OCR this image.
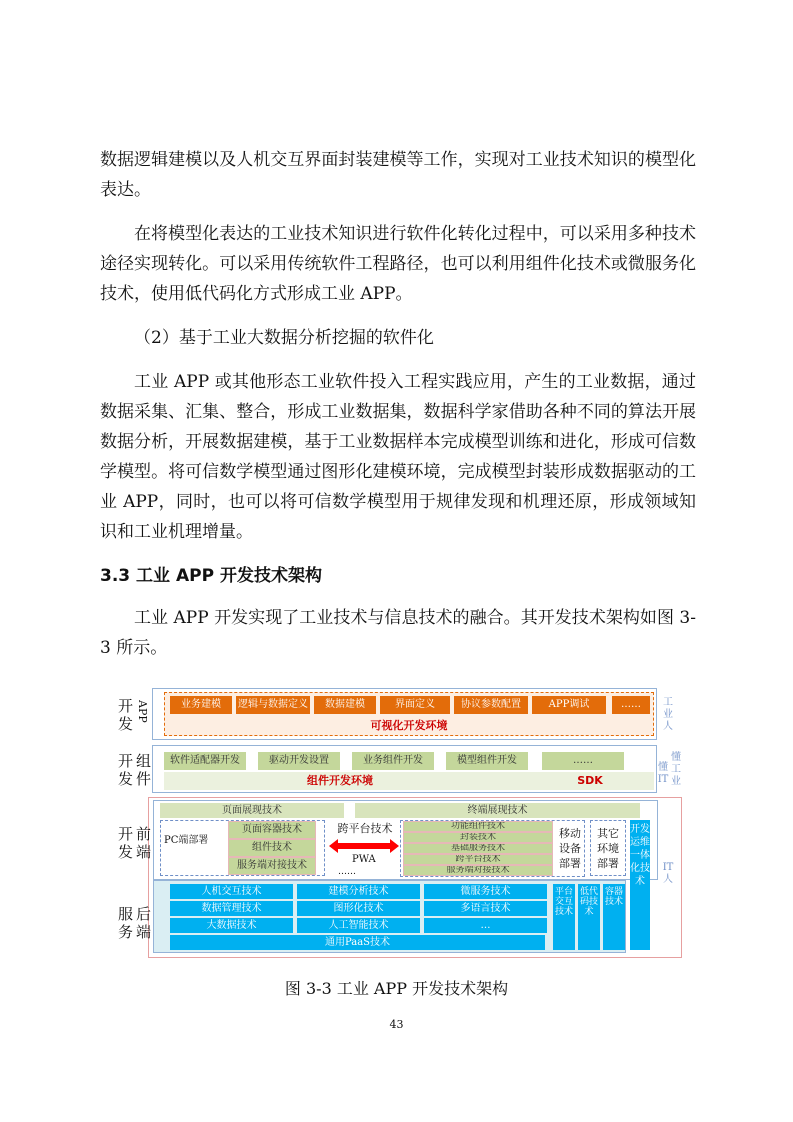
数据逻辑建模以及人机交互界面封装建模等工作，实现对工业技术知识的模型化表达。

在将模型化表达的工业技术知识进行软件化转化过程中，可以采用多种技术途径实现转化。可以采用传统软件工程路径，也可以利用组件化技术或微服务化技术，使用低代码化方式形成工业 APP。

（2）基于工业大数据分析挖掘的软件化

工业 APP 或其他形态工业软件投入工程实践应用，产生的工业数据，通过数据采集、汇集、整合，形成工业数据集，数据科学家借助各种不同的算法开展数据分析，开展数据建模，基于工业数据样本完成模型训练和进化，形成可信数学模型。将可信数学模型通过图形化建模环境，完成模型封装形成数据驱动的工业 APP，同时，也可以将可信数学模型用于规律发现和机理还原，形成领域知识和工业机理增量。

3.3 工业 APP 开发技术架构

工业 APP 开发实现了工业技术与信息技术的融合。其开发技术架构如图 3-3 所示。

开发
APP	业务建模	逻辑与数据定义	数据建模	界面定义	协议参数配置	APP调试	……
可视化开发环境
工业人
开发
组件
软件适配器开发	驱动开发设置	业务组件开发	模型组件开发	……
组件开发环境	SDK
懂工业
懂IT
开发
前端
页面展现技术	终端展现技术
PC端部署
页面容器技术
组件技术
服务端对接技术
跨平台技术
PWA
……
功能组件技术
封装技术
基础服务技术
跨平台技术
服务端对接技术
移动设备部署
其它环境部署
开发运维一体化技术
IT人
服务
后端
人机交互技术	建模分析技术	微服务技术
数据管理技术	图形化技术	多语言技术
大数据技术	人工智能技术	…
通用PaaS技术
平台交互技术
低代码技术
容器技术
图 3-3 工业 APP 开发技术架构
43
